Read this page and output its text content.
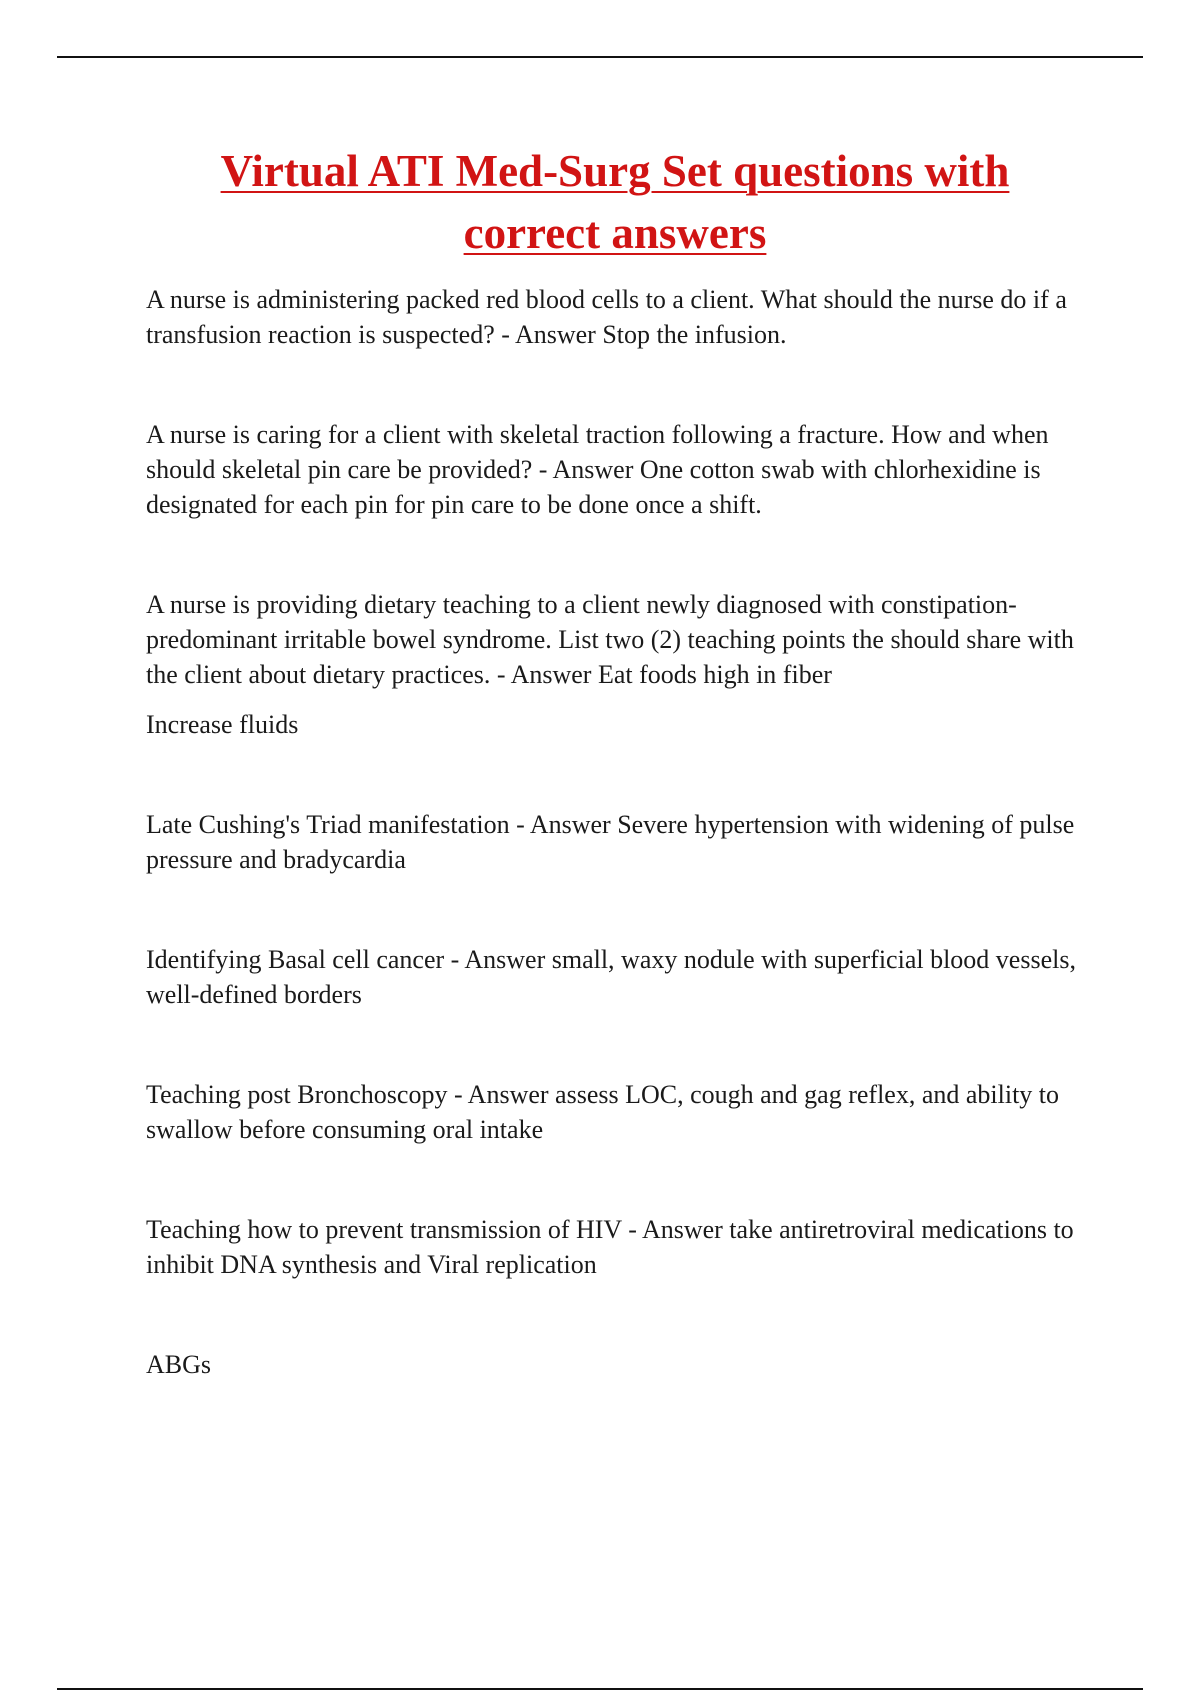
Virtual ATI Med-Surg Set questions with correct answers

A nurse is administering packed red blood cells to a client. What should the nurse do if a transfusion reaction is suspected? - Answer Stop the infusion.

A nurse is caring for a client with skeletal traction following a fracture. How and when should skeletal pin care be provided? - Answer One cotton swab with chlorhexidine is designated for each pin for pin care to be done once a shift.

A nurse is providing dietary teaching to a client newly diagnosed with constipation-predominant irritable bowel syndrome. List two (2) teaching points the should share with the client about dietary practices. - Answer Eat foods high in fiber

Increase fluids

Late Cushing's Triad manifestation - Answer Severe hypertension with widening of pulse pressure and bradycardia

Identifying Basal cell cancer - Answer small, waxy nodule with superficial blood vessels, well-defined borders

Teaching post Bronchoscopy - Answer assess LOC, cough and gag reflex, and ability to swallow before consuming oral intake

Teaching how to prevent transmission of HIV - Answer take antiretroviral medications to inhibit DNA synthesis and Viral replication

ABGs
